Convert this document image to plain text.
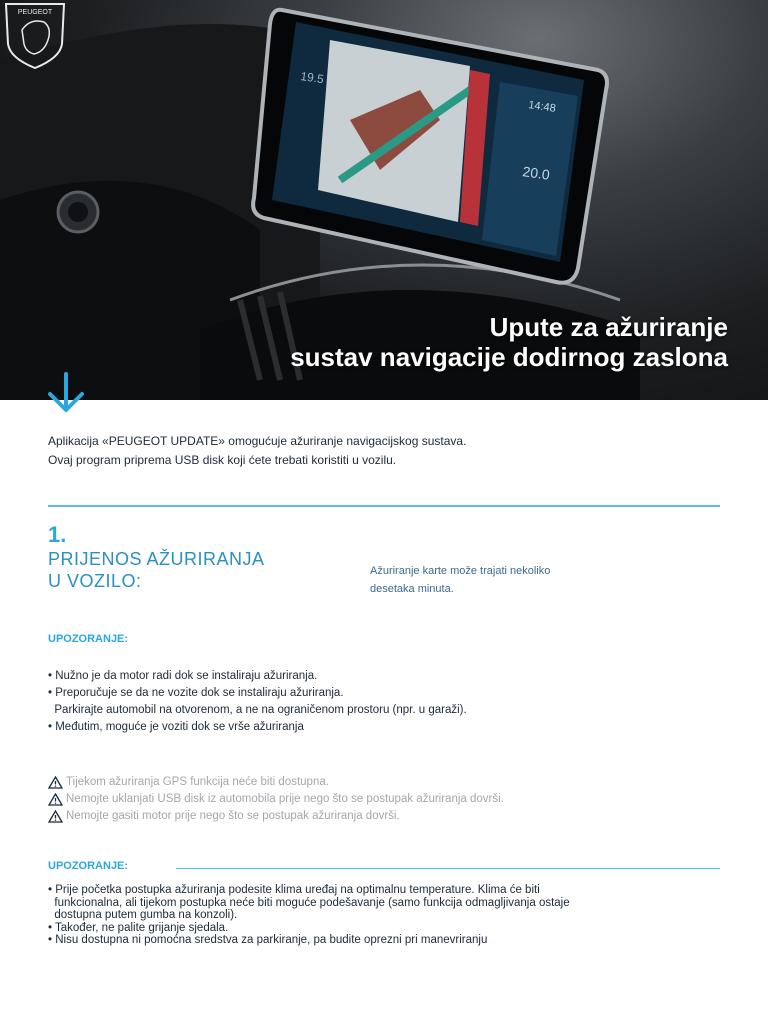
19.5
20.0
14:48
PEUGEOT
Upute za ažuriranje
sustav navigacije dodirnog zaslona
Aplikacija «PEUGEOT UPDATE» omogućuje ažuriranje navigacijskog sustava.
Ovaj program priprema USB disk koji ćete trebati koristiti u vozilu.
1.
PRIJENOS AŽURIRANJA
U VOZILO:	Ažuriranje karte može trajati nekoliko
desetaka minuta.
UPOZORANJE:
• Nužno je da motor radi dok se instaliraju ažuriranja.
• Preporučuje se da ne vozite dok se instaliraju ažuriranja.
Parkirajte automobil na otvorenom, a ne na ograničenom prostoru (npr. u garaži).
• Međutim, moguće je voziti dok se vrše ažuriranja
Tijekom ažuriranja GPS funkcija neće biti dostupna.
Nemojte uklanjati USB disk iz automobila prije nego što se postupak ažuriranja dovrši.
Nemojte gasiti motor prije nego što se postupak ažuriranja dovrši.
UPOZORANJE:
• Prije početka postupka ažuriranja podesite klima uređaj na optimalnu temperature. Klima će biti
funkcionalna, ali tijekom postupka neće biti moguće podešavanje (samo funkcija odmagljivanja ostaje
dostupna putem gumba na konzoli).
• Također, ne palite grijanje sjedala.
• Nisu dostupna ni pomoćna sredstva za parkiranje, pa budite oprezni pri manevriranju
